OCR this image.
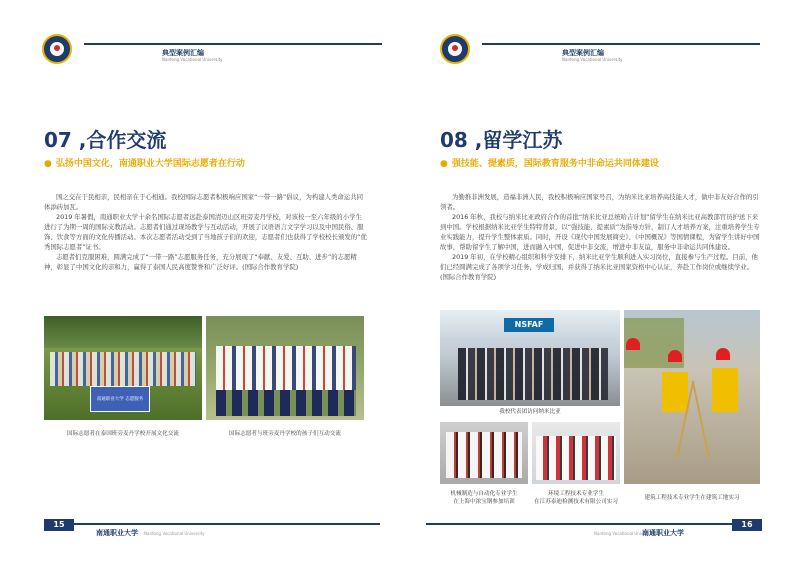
典型案例汇编
Nantong Vocational University
07 ,合作交流
● 弘扬中国文化，南通职业大学国际志愿者在行动

国之交在于民相亲，民相亲在于心相通。我校国际志愿者积极响应国家“一带一路”倡议，为构建人类命运共同体添砖加瓦。

2019 年暑假，南通职业大学十余名国际志愿者远赴泰国清迈山区班旁麦丹学校，对该校一至六年级的小学生进行了为期一周的国际支教活动。志愿者们通过现场教学与互动活动，开展了汉语语言文字学习以及中国民俗、服饰、饮食等方面的文化传播活动。本次志愿者活动受到了当地孩子们的欢迎，志愿者们也获得了学校校长颁发的“优秀国际志愿者”证书。

志愿者们克服困难，圆满完成了“一带一路”志愿服务任务，充分展现了“奉献、友爱、互助、进步”的志愿精神，彰显了中国文化的亲和力，赢得了泰国人民高度赞誉和广泛好评。(国际合作教育学院)

南通职业大学 志愿服务
国际志愿者在泰国班旁麦丹学校开展文化交流	国际志愿者与班旁麦丹学校的孩子们互动交流
15
南通职业大学 Nantong Vocational University
典型案例汇编
Nantong Vocational University
08 ,留学江苏
● 强技能、提素质，国际教育服务中非命运共同体建设

为勤推非洲发展，造福非洲人民，我校积极响应国家号召，为纳米比亚培养高技能人才，做中非友好合作的引领者。

2016 年秋，我校与纳米比亚政府合作的首批“纳米比亚总统哈吉计划”留学生在纳米比亚高教部官员护送下来到中国。学校根据纳米比亚学生特特背景，以“强技能、提素质”为指导方针，制订人才培养方案，注重培养学生专业实践能力，提升学生整体素质。同时，开设《现代中国发展简史》、《中国概况》等国情课程，为留学生讲好中国故事，帮助留学生了解中国，进而融入中国，促进中非交流，增进中非友谊，服务中非命运共同体建设。

2019 年初，在学校精心组织和科学安排下，纳米比亚学生顺利进入实习岗位，直接参与生产过程。目前，他们已经圆满完成了各项学习任务，学成归国，并获得了纳米比亚国家资格中心认证，奔赴工作岗位或继续学业。(国际合作教育学院)

NSFAF
我校代表团访问纳米比亚
建筑工程技术专业学生在建筑工地实习
机械制造与自动化专业学生
在上海中浓宝钢参加培训
环境工程技术专业学生
在江苏泰迪检测技术有限公司实习
16
Nantong Vocational University
南通职业大学
